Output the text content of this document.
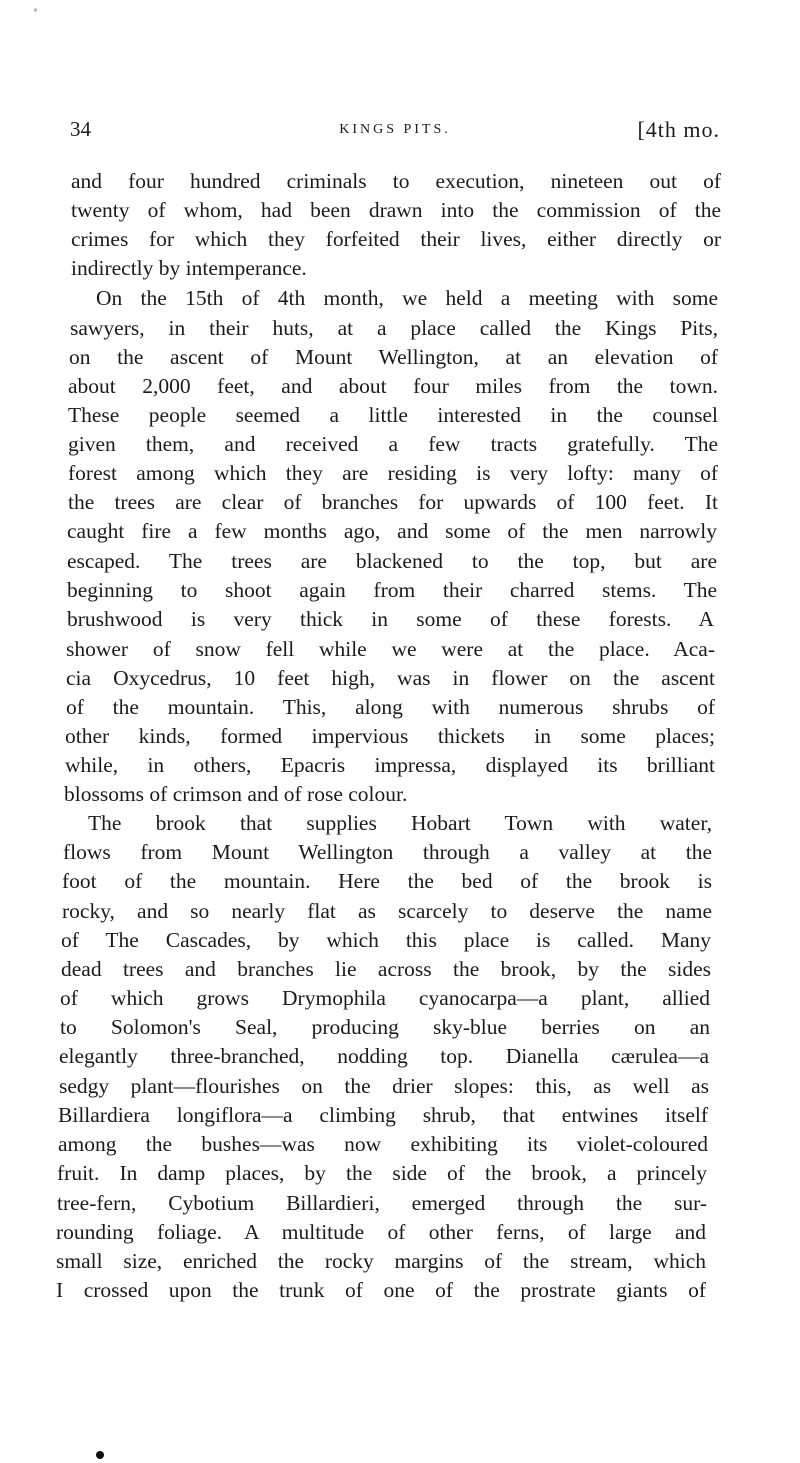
34	KINGS PITS.	[4th mo.
and four hundred criminals to execution, nineteen out of
twenty of whom, had been drawn into the commission of the
crimes for which they forfeited their lives, either directly or
indirectly by intemperance.
On the 15th of 4th month, we held a meeting with some
sawyers, in their huts, at a place called the Kings Pits,
on the ascent of Mount Wellington, at an elevation of
about 2,000 feet, and about four miles from the town.
These people seemed a little interested in the counsel
given them, and received a few tracts gratefully. The
forest among which they are residing is very lofty: many of
the trees are clear of branches for upwards of 100 feet. It
caught fire a few months ago, and some of the men narrowly
escaped. The trees are blackened to the top, but are
beginning to shoot again from their charred stems. The
brushwood is very thick in some of these forests. A
shower of snow fell while we were at the place. Aca-
cia Oxycedrus, 10 feet high, was in flower on the ascent
of the mountain. This, along with numerous shrubs of
other kinds, formed impervious thickets in some places;
while, in others, Epacris impressa, displayed its brilliant
blossoms of crimson and of rose colour.
The brook that supplies Hobart Town with water,
flows from Mount Wellington through a valley at the
foot of the mountain. Here the bed of the brook is
rocky, and so nearly flat as scarcely to deserve the name
of The Cascades, by which this place is called. Many
dead trees and branches lie across the brook, by the sides
of which grows Drymophila cyanocarpa—a plant, allied
to Solomon's Seal, producing sky-blue berries on an
elegantly three-branched, nodding top. Dianella cærulea—a
sedgy plant—flourishes on the drier slopes: this, as well as
Billardiera longiflora—a climbing shrub, that entwines itself
among the bushes—was now exhibiting its violet-coloured
fruit. In damp places, by the side of the brook, a princely
tree-fern, Cybotium Billardieri, emerged through the sur-
rounding foliage. A multitude of other ferns, of large and
small size, enriched the rocky margins of the stream, which
I crossed upon the trunk of one of the prostrate giants of
